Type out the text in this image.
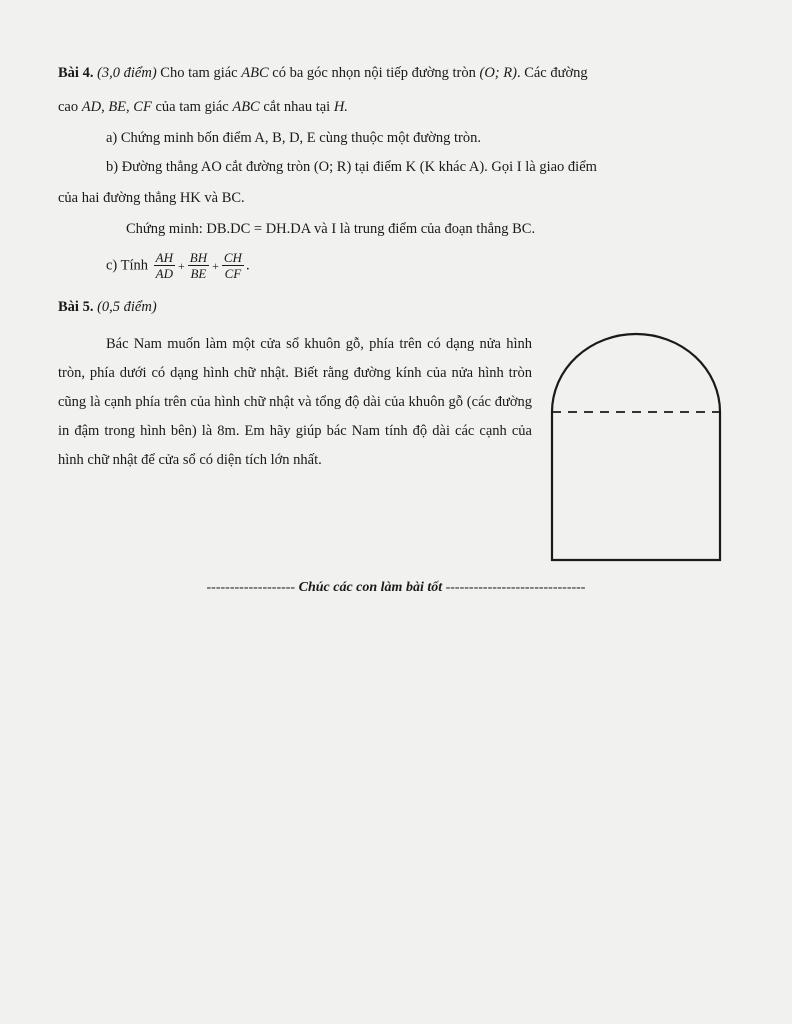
Bài 4. (3,0 điểm) Cho tam giác ABC có ba góc nhọn nội tiếp đường tròn (O; R). Các đường
cao AD, BE, CF của tam giác ABC cắt nhau tại H.
a) Chứng minh bốn điểm A, B, D, E cùng thuộc một đường tròn.
b) Đường thẳng AO cắt đường tròn (O; R) tại điểm K (K khác A). Gọi I là giao điểm
của hai đường thẳng HK và BC.
Chứng minh: DB.DC = DH.DA và I là trung điểm của đoạn thẳng BC.
c) Tính $\frac{AH}{AD} + \frac{BH}{BE} + \frac{CH}{CF}$ .
Bài 5. (0,5 điểm)
Bác Nam muốn làm một cửa sổ khuôn gỗ, phía trên có dạng nửa hình tròn, phía dưới có dạng hình chữ nhật. Biết rằng đường kính của nửa hình tròn cũng là cạnh phía trên của hình chữ nhật và tổng độ dài của khuôn gỗ (các đường in đậm trong hình bên) là 8m. Em hãy giúp bác Nam tính độ dài các cạnh của hình chữ nhật để cửa sổ có diện tích lớn nhất.
------------------- Chúc các con làm bài tốt ------------------------------
